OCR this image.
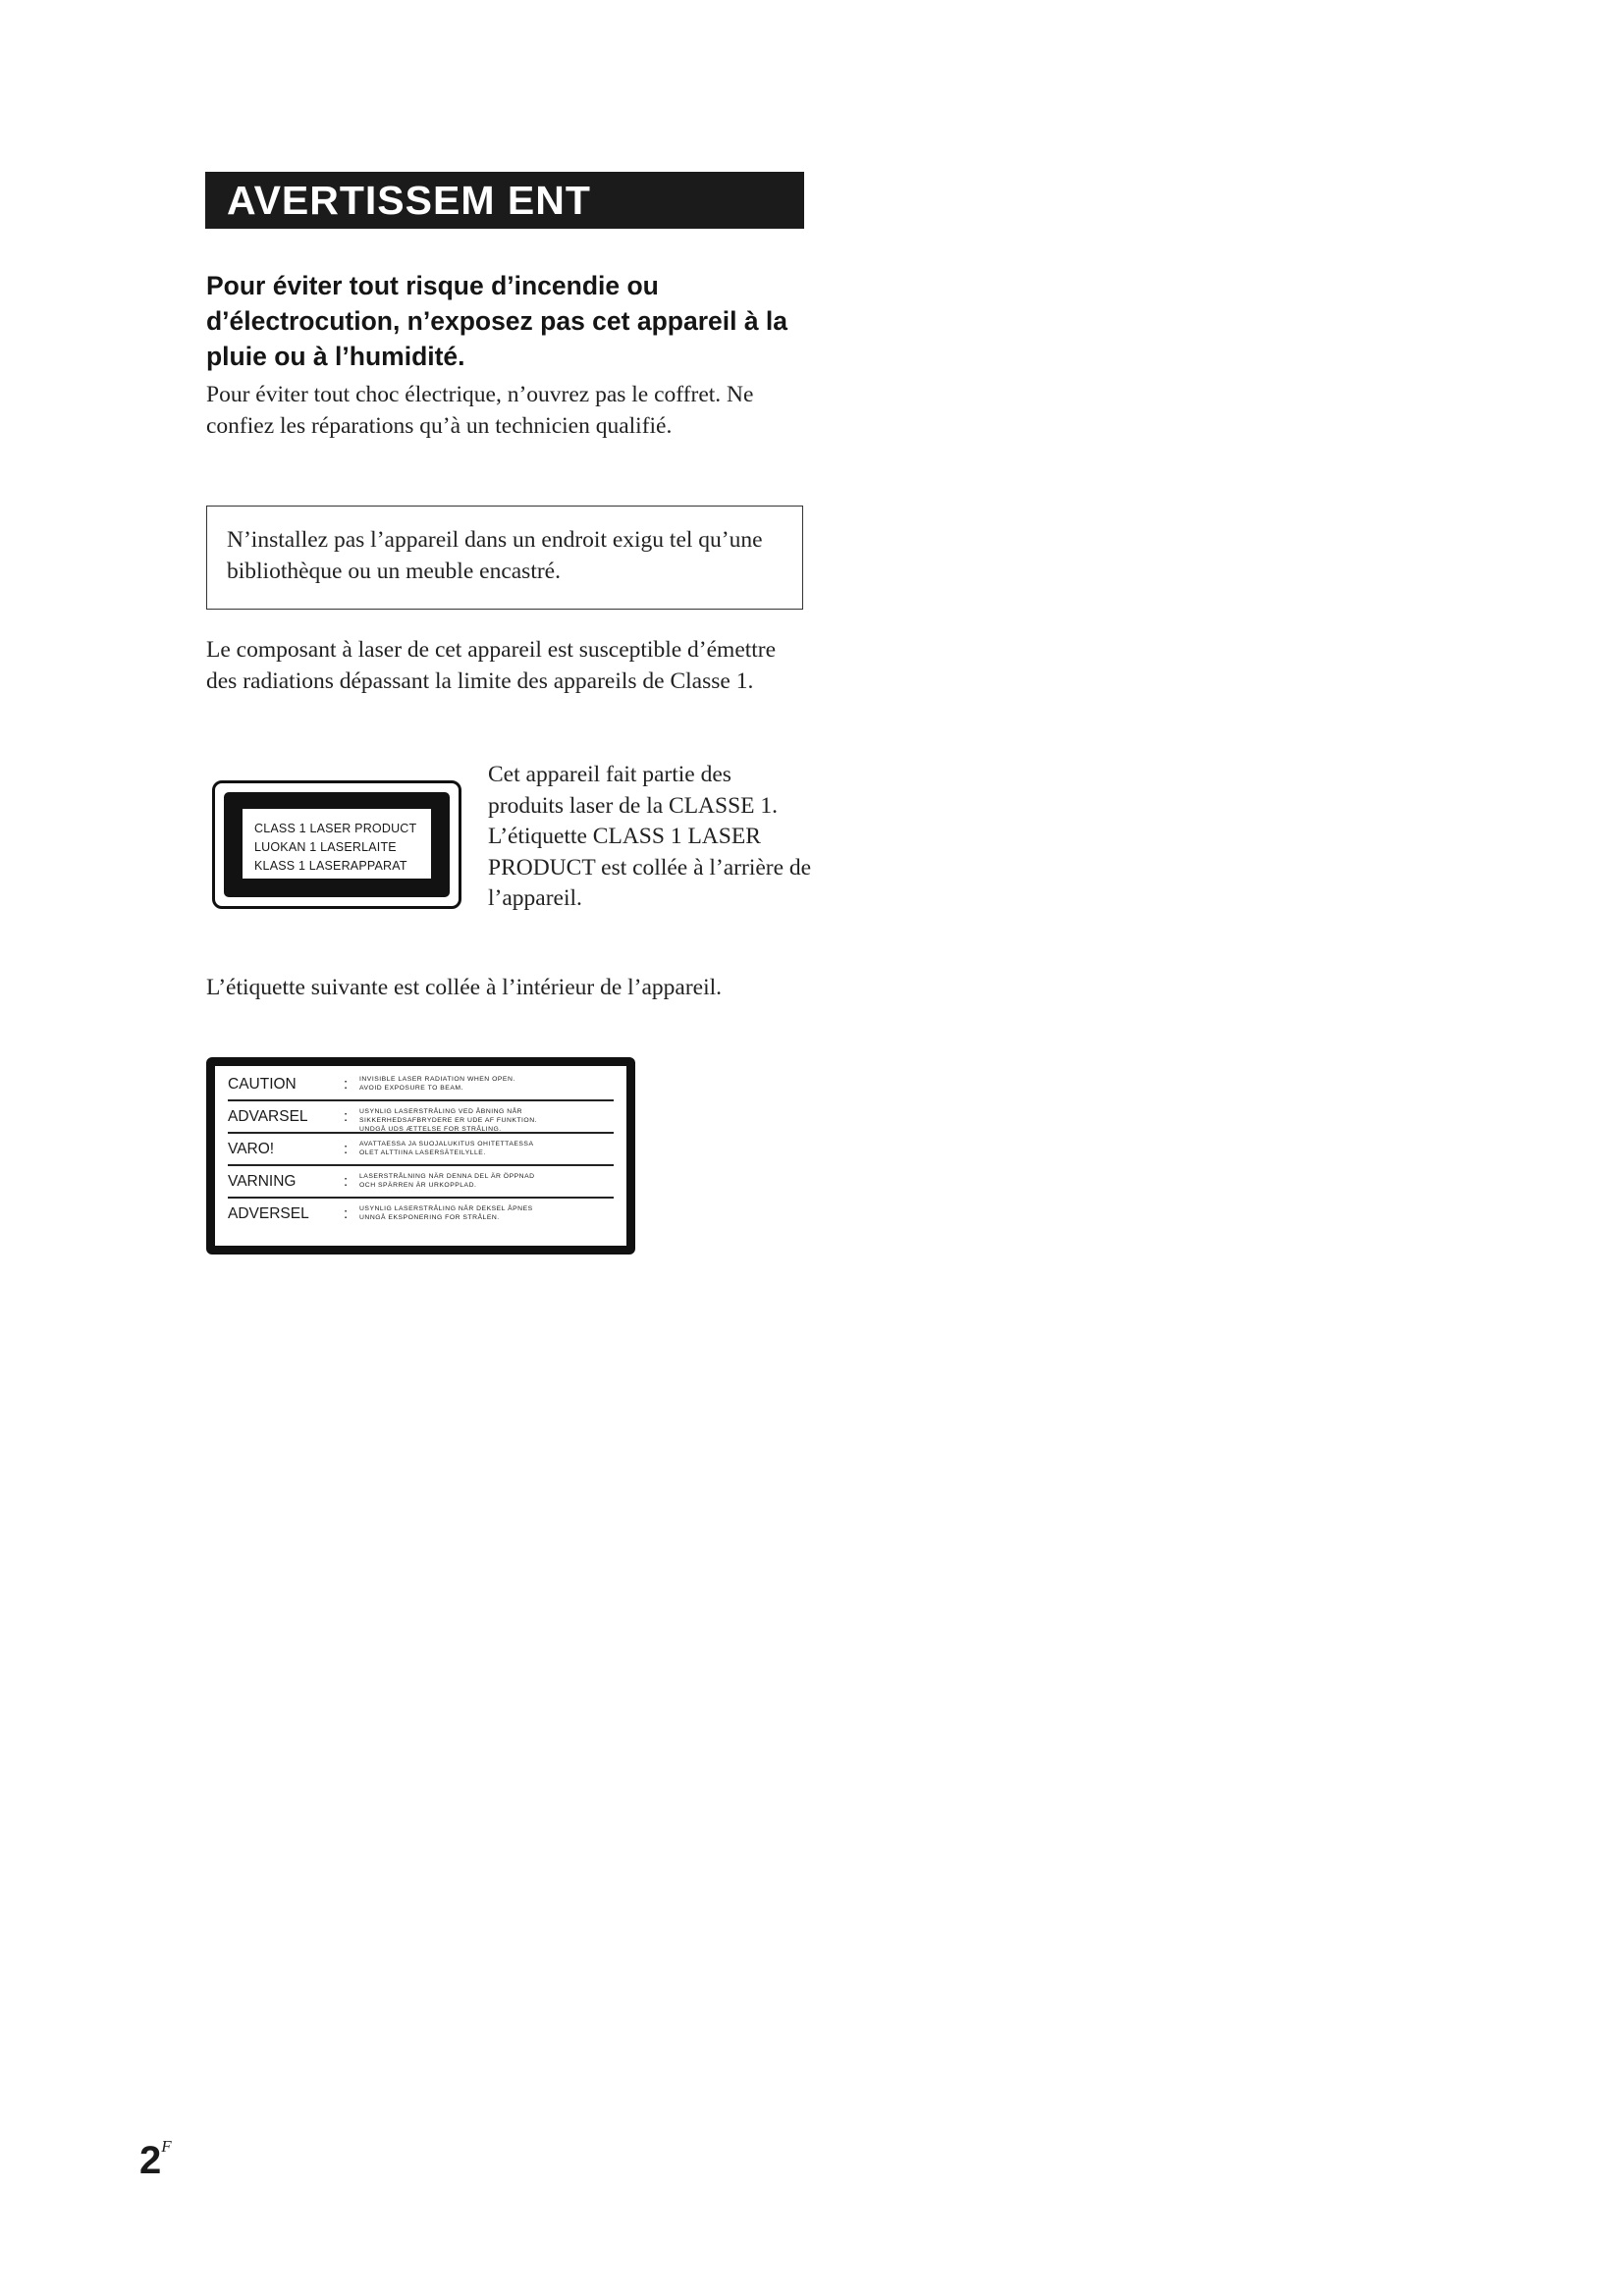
AVERTISSEM ENT
Pour éviter tout risque d’incendie ou d’électrocution, n’exposez pas cet appareil à la pluie ou à l’humidité.
Pour éviter tout choc électrique, n’ouvrez pas le coffret. Ne confiez les réparations qu’à un technicien qualifié.
N’installez pas l’appareil dans un endroit exigu tel qu’une bibliothèque ou un meuble encastré.
Le composant à laser de cet appareil est susceptible d’émettre des radiations dépassant la limite des appareils de Classe 1.
CLASS 1 LASER PRODUCT
LUOKAN 1 LASERLAITE
KLASS 1 LASERAPPARAT
Cet appareil fait partie des produits laser de la CLASSE 1. L’étiquette CLASS 1 LASER PRODUCT est collée à l’arrière de l’appareil.
L’étiquette suivante est collée à l’intérieur de l’appareil.
CAUTION	:	INVISIBLE LASER RADIATION WHEN OPEN.
AVOID EXPOSURE TO BEAM.
ADVARSEL	:	USYNLIG LASERSTRÅLING VED ÅBNING NÅR
SIKKERHEDSAFBRYDERE ER UDE AF FUNKTION.
UNDGÅ UDS ÆTTELSE FOR STRÅLING.
VARO!	:	AVATTAESSA JA SUOJALUKITUS OHITETTAESSA
OLET ALTTIINA LASERSÄTEILYLLE.
VARNING	:	LASERSTRÅLNING NÄR DENNA DEL ÄR ÖPPNAD
OCH SPÄRREN ÄR URKOPPLAD.
ADVERSEL	:	USYNLIG LASERSTRÅLING NÅR DEKSEL ÅPNES
UNNGÅ EKSPONERING FOR STRÅLEN.
$2^F$
